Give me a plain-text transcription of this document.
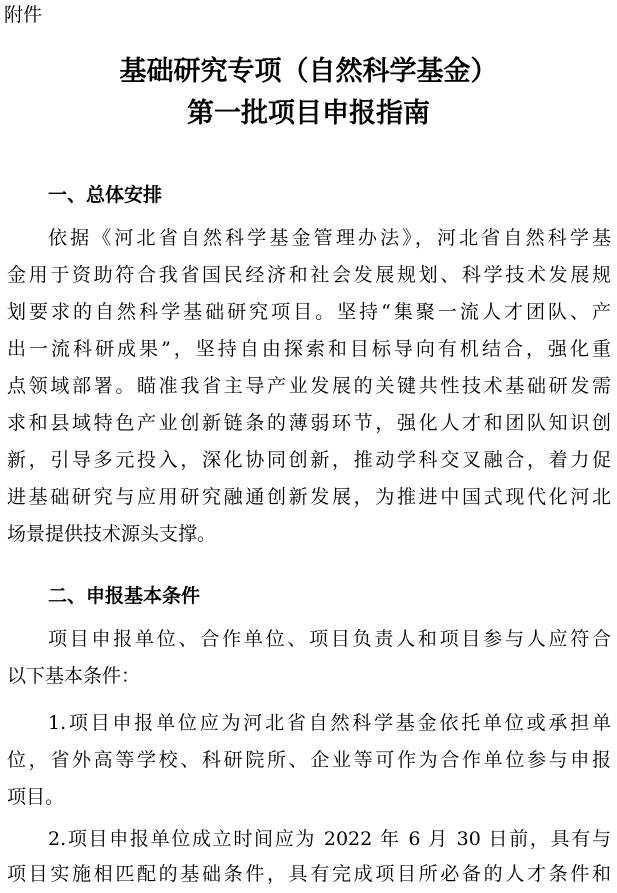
附件
基础研究专项（自然科学基金）
第一批项目申报指南
一、总体安排
依据《河北省自然科学基金管理办法》，河北省自然科学基
金用于资助符合我省国民经济和社会发展规划、科学技术发展规
划要求的自然科学基础研究项目。坚持“集聚一流人才团队、产
出一流科研成果”，坚持自由探索和目标导向有机结合，强化重
点领域部署。瞄准我省主导产业发展的关键共性技术基础研发需
求和县域特色产业创新链条的薄弱环节，强化人才和团队知识创
新，引导多元投入，深化协同创新，推动学科交叉融合，着力促
进基础研究与应用研究融通创新发展，为推进中国式现代化河北
场景提供技术源头支撑。
二、申报基本条件
项目申报单位、合作单位、项目负责人和项目参与人应符合
以下基本条件：
1.项目申报单位应为河北省自然科学基金依托单位或承担单
位，省外高等学校、科研院所、企业等可作为合作单位参与申报
项目。
2.项目申报单位成立时间应为 2022 年 6 月 30 日前，具有与
项目实施相匹配的基础条件，具有完成项目所必备的人才条件和
